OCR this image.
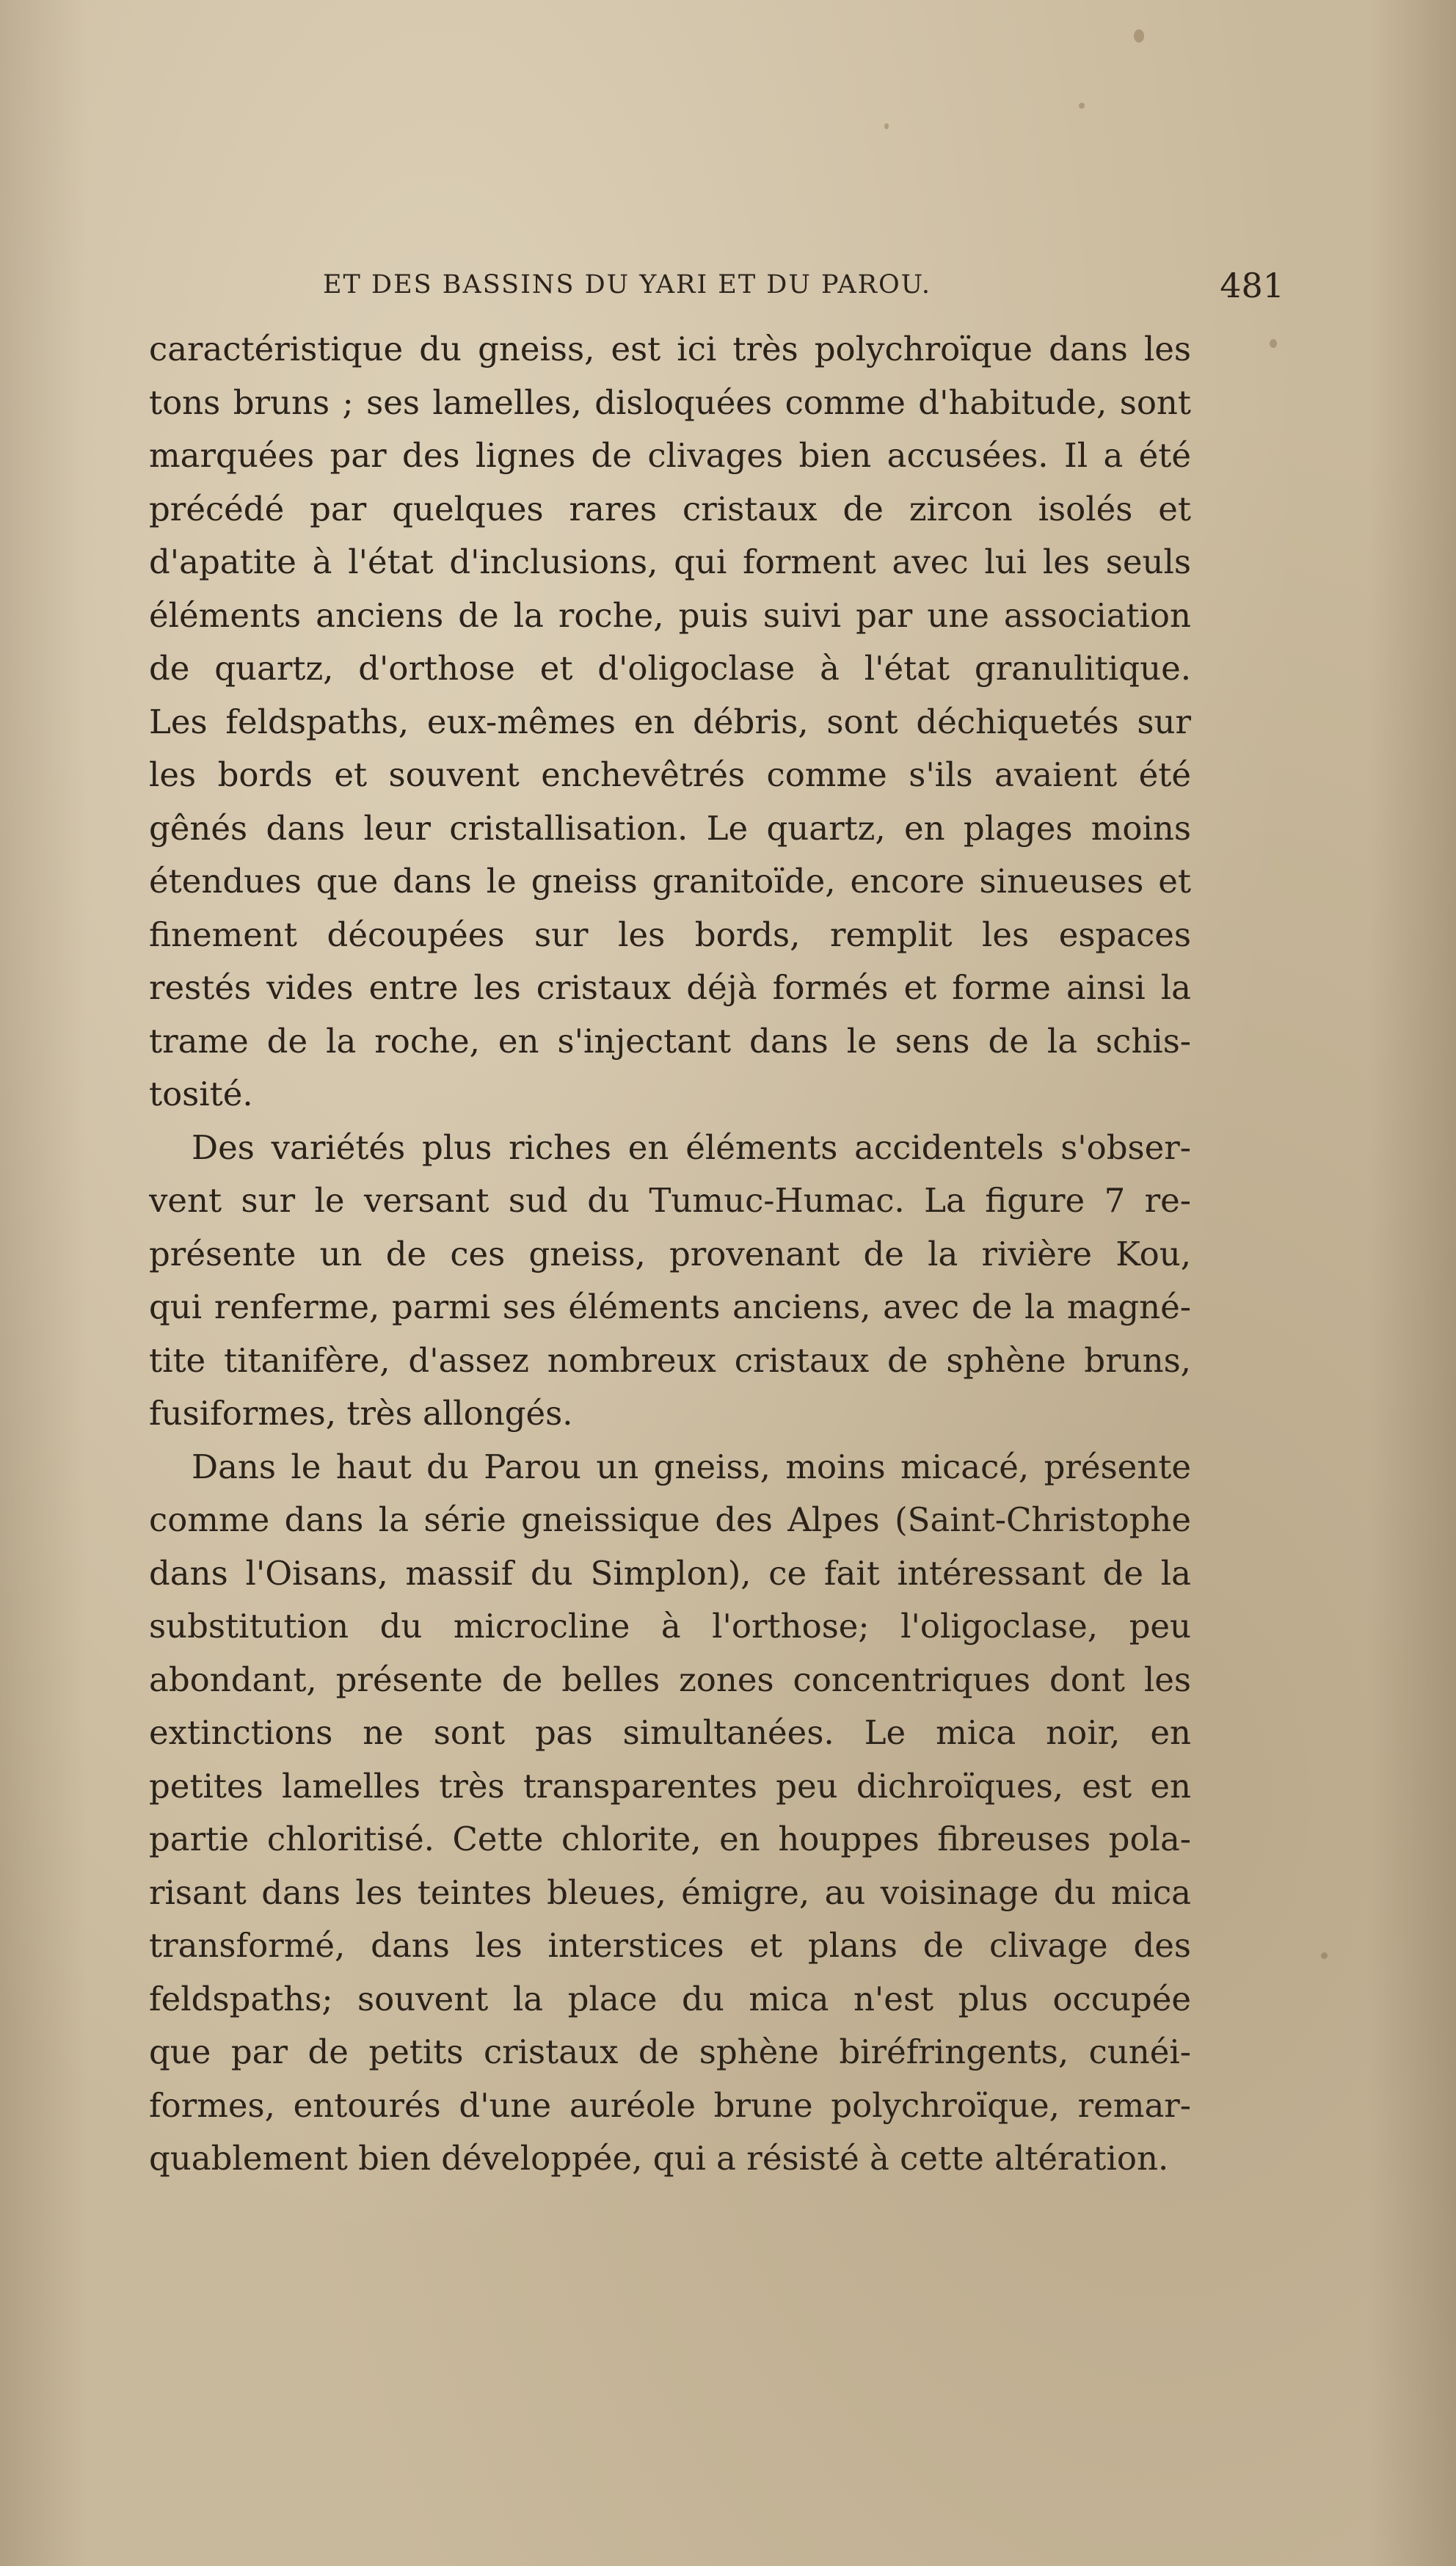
ET DES BASSINS DU YARI ET DU PAROU.	481
caractéristique du gneiss, est ici très polychroïque dans les
tons bruns ; ses lamelles, disloquées comme d'habitude, sont
marquées par des lignes de clivages bien accusées. Il a été
précédé par quelques rares cristaux de zircon isolés et
d'apatite à l'état d'inclusions, qui forment avec lui les seuls
éléments anciens de la roche, puis suivi par une association
de quartz, d'orthose et d'oligoclase à l'état granulitique.
Les feldspaths, eux-mêmes en débris, sont déchiquetés sur
les bords et souvent enchevêtrés comme s'ils avaient été
gênés dans leur cristallisation. Le quartz, en plages moins
étendues que dans le gneiss granitoïde, encore sinueuses et
finement découpées sur les bords, remplit les espaces
restés vides entre les cristaux déjà formés et forme ainsi la
trame de la roche, en s'injectant dans le sens de la schis-
tosité.
Des variétés plus riches en éléments accidentels s'obser-
vent sur le versant sud du Tumuc-Humac. La figure 7 re-
présente un de ces gneiss, provenant de la rivière Kou,
qui renferme, parmi ses éléments anciens, avec de la magné-
tite titanifère, d'assez nombreux cristaux de sphène bruns,
fusiformes, très allongés.
Dans le haut du Parou un gneiss, moins micacé, présente
comme dans la série gneissique des Alpes (Saint-Christophe
dans l'Oisans, massif du Simplon), ce fait intéressant de la
substitution du microcline à l'orthose; l'oligoclase, peu
abondant, présente de belles zones concentriques dont les
extinctions ne sont pas simultanées. Le mica noir, en
petites lamelles très transparentes peu dichroïques, est en
partie chloritisé. Cette chlorite, en houppes fibreuses pola-
risant dans les teintes bleues, émigre, au voisinage du mica
transformé, dans les interstices et plans de clivage des
feldspaths; souvent la place du mica n'est plus occupée
que par de petits cristaux de sphène biréfringents, cunéi-
formes, entourés d'une auréole brune polychroïque, remar-
quablement bien développée, qui a résisté à cette altération.
